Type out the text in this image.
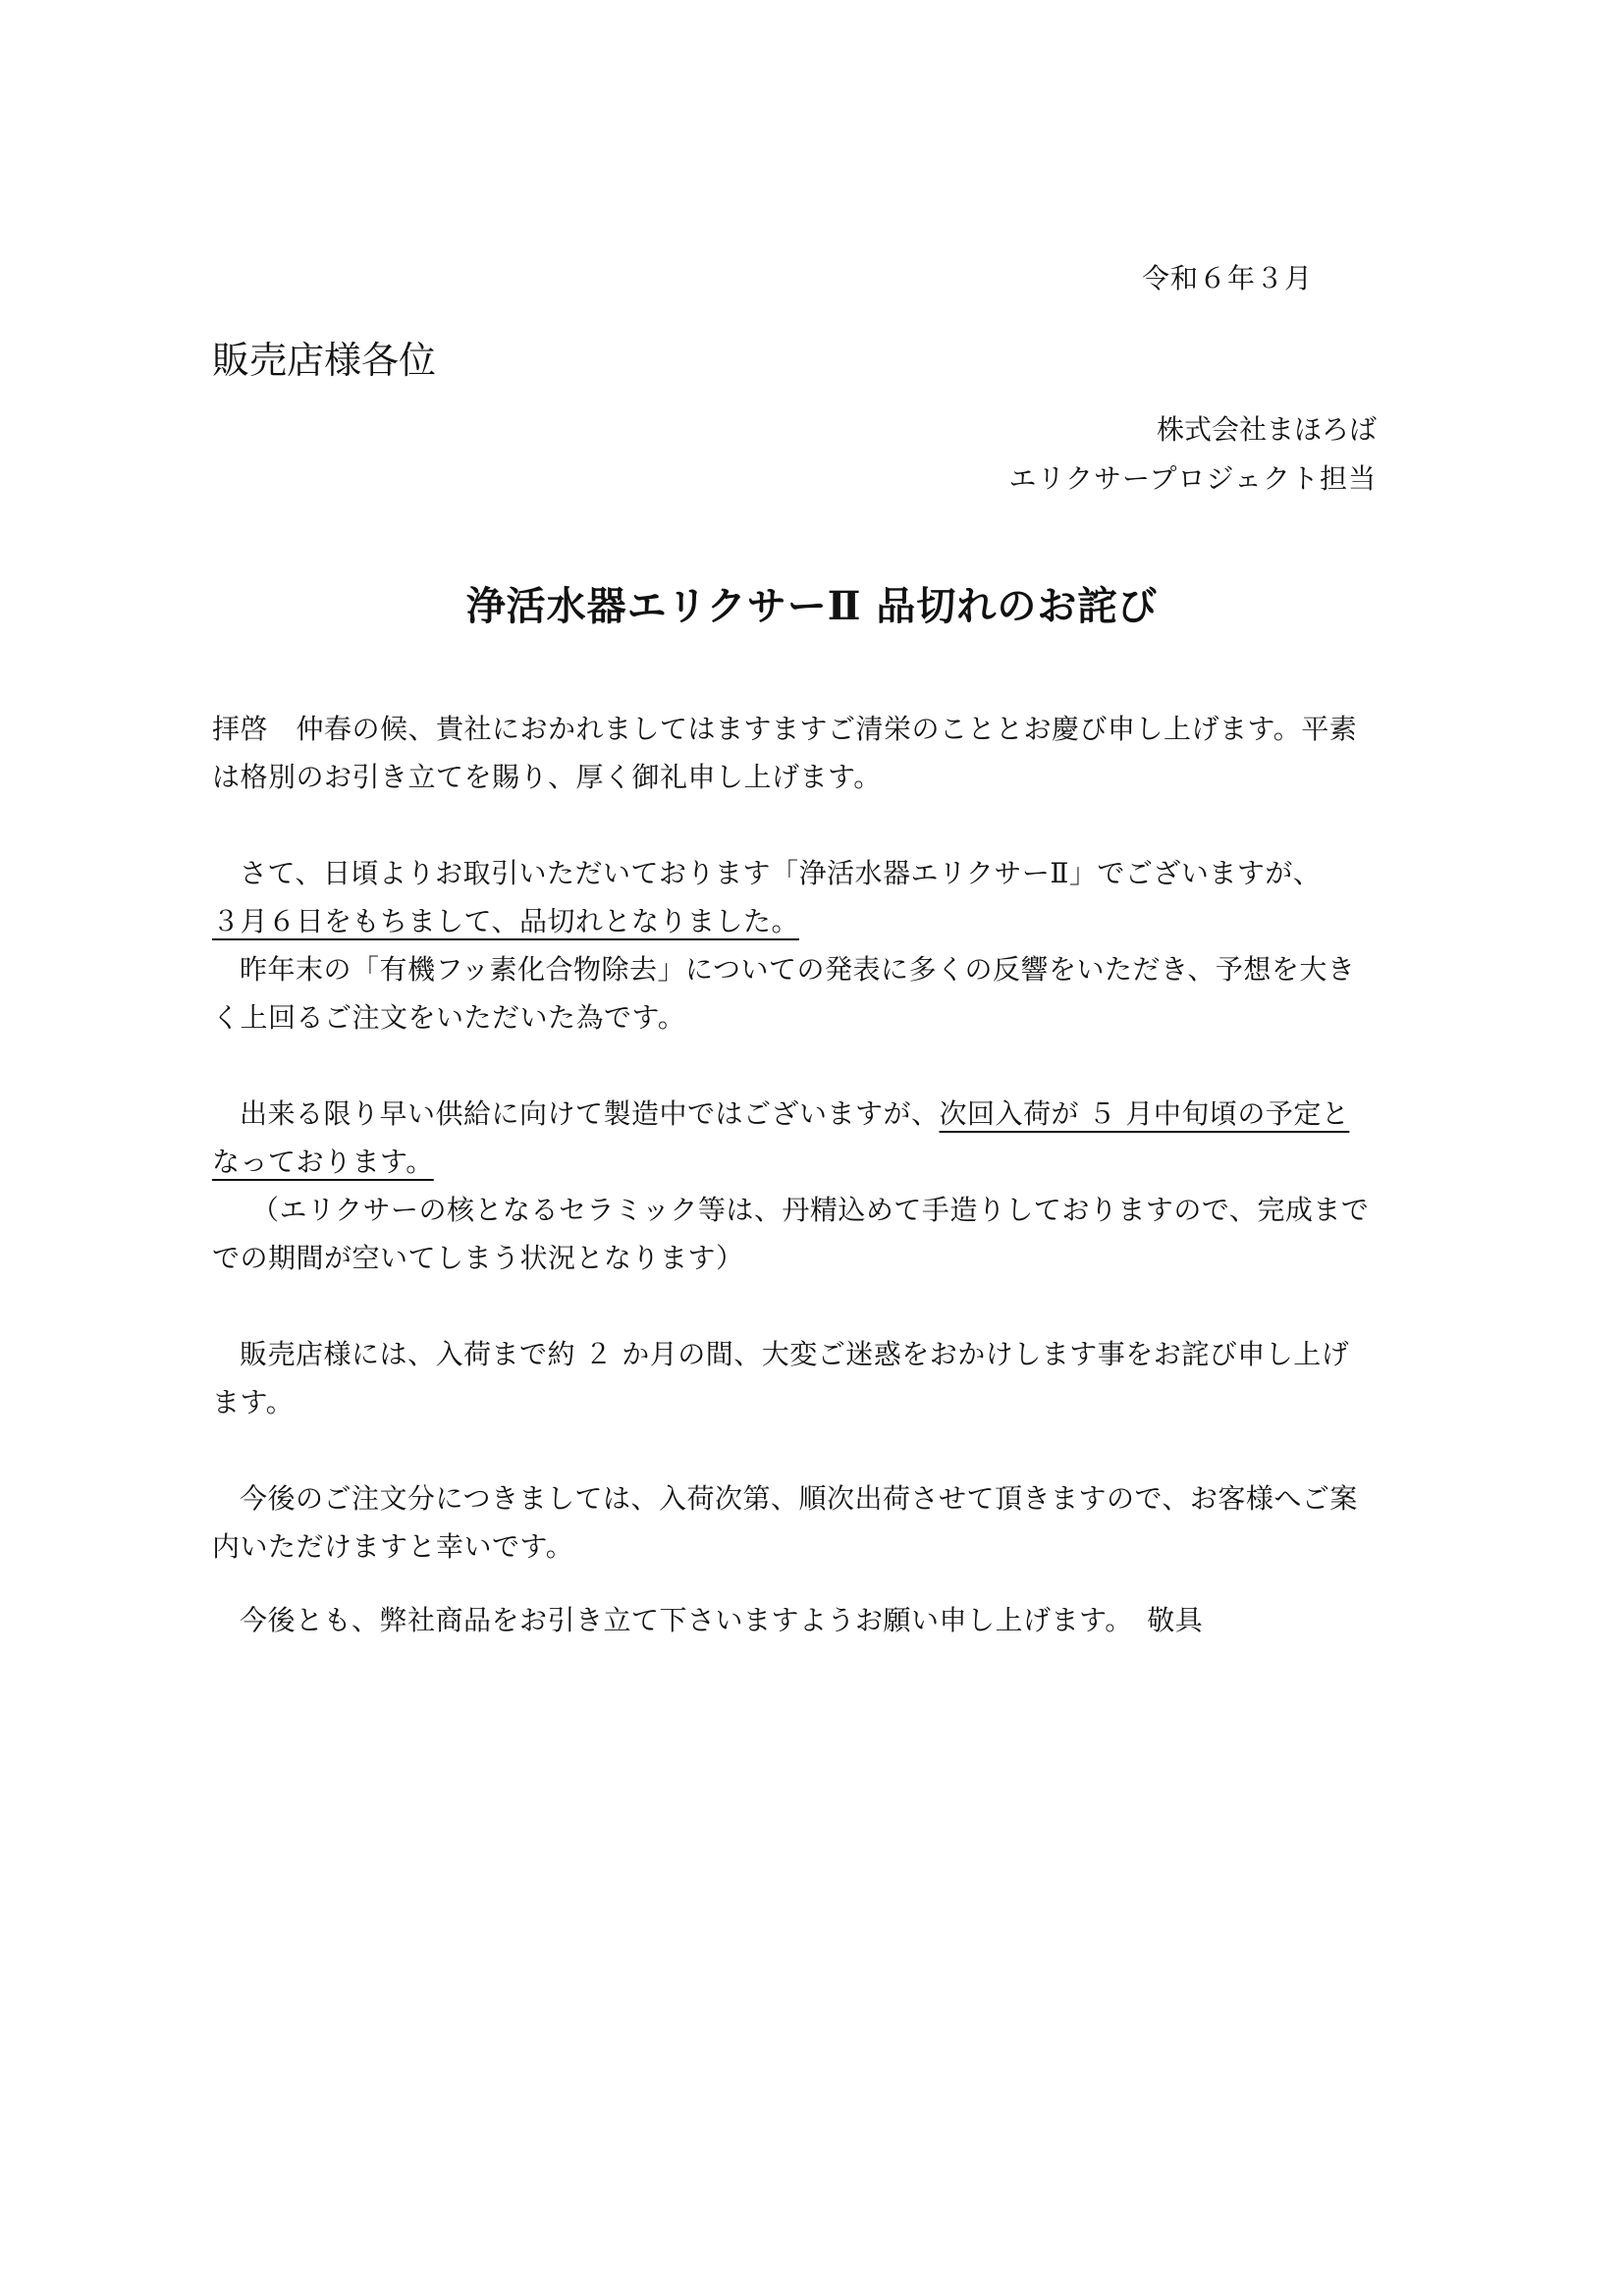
令和６年３月
販売店様各位
株式会社まほろば
エリクサープロジェクト担当
浄活水器エリクサーⅡ 品切れのお詫び

拝啓　仲春の候、貴社におかれましてはますますご清栄のこととお慶び申し上げます。平素

は格別のお引き立てを賜り、厚く御礼申し上げます。

さて、日頃よりお取引いただいております「浄活水器エリクサーⅡ」でございますが、

３月６日をもちまして、品切れとなりました。

昨年末の「有機フッ素化合物除去」についての発表に多くの反響をいただき、予想を大き

く上回るご注文をいただいた為です。

出来る限り早い供給に向けて製造中ではございますが、次回入荷が ５ 月中旬頃の予定と

なっております。

（エリクサーの核となるセラミック等は、丹精込めて手造りしておりますので、完成まで

での期間が空いてしまう状況となります）

販売店様には、入荷まで約 ２ か月の間、大変ご迷惑をおかけします事をお詫び申し上げ

ます。

今後のご注文分につきましては、入荷次第、順次出荷させて頂きますので、お客様へご案

内いただけますと幸いです。

今後とも、弊社商品をお引き立て下さいますようお願い申し上げます。　敬具
